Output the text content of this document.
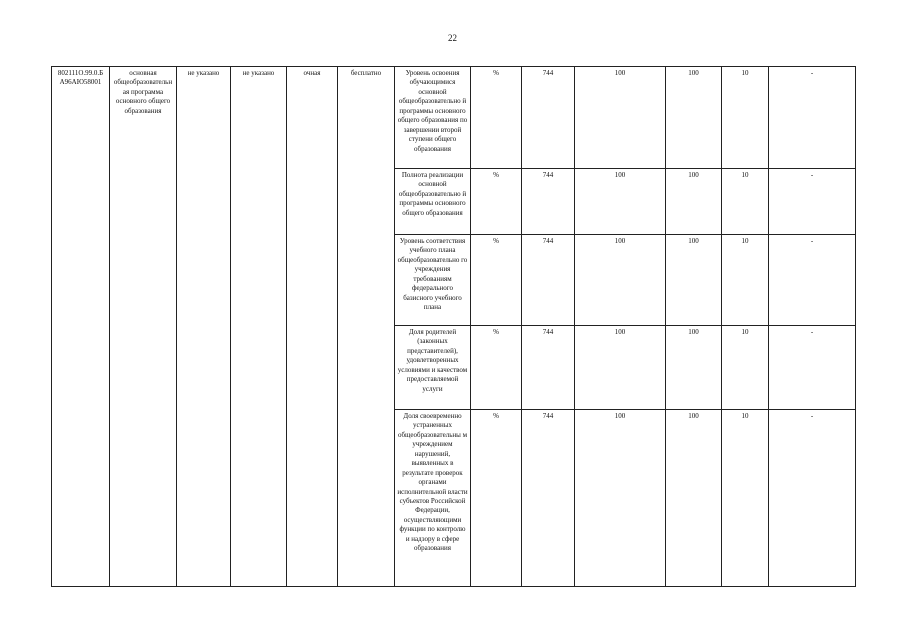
22
802111О.99.0.Б А96АЮ58001	основная общеобразовательн ая программа основного общего образования	не указано	не указано	очная	бесплатно	Уровень освоения обучающимися основной общеобразовательно й программы основного общего образования по завершении второй ступени общего образования	%	744	100	100	10	-
						Полнота реализации основной общеобразовательно й программы основного общего образования	%	744	100	100	10	-
						Уровень соответствия учебного плана общеобразовательно го учреждения требованиям федерального базисного учебного плана	%	744	100	100	10	-
						Доля родителей (законных представителей), удовлетворенных условиями и качеством предоставляемой услуги	%	744	100	100	10	-
						Доля своевременно устраненных общеобразовательны м учреждением нарушений, выявленных в результате проверок органами исполнительной власти субъектов Российской Федерации, осуществляющими функции по контролю и надзору в сфере образования	%	744	100	100	10	-
